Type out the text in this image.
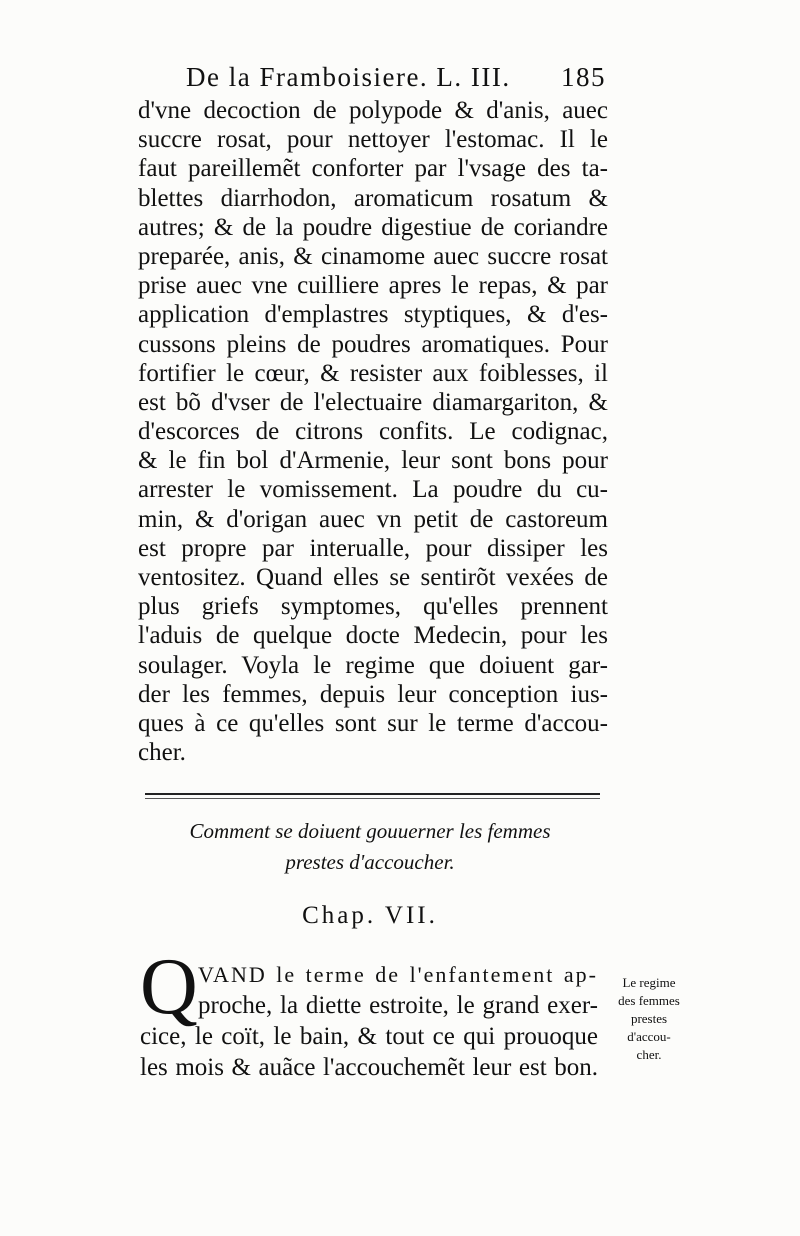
De la Framboisiere. L. III. 185
d'vne decoction de polypode & d'anis, auec
succre rosat, pour nettoyer l'estomac. Il le
faut pareillemẽt conforter par l'vsage des ta-
blettes diarrhodon, aromaticum rosatum &
autres; & de la poudre digestiue de coriandre
preparée, anis, & cinamome auec succre rosat
prise auec vne cuilliere apres le repas, & par
application d'emplastres styptiques, & d'es-
cussons pleins de poudres aromatiques. Pour
fortifier le cœur, & resister aux foiblesses, il
est bõ d'vser de l'electuaire diamargariton, &
d'escorces de citrons confits. Le codignac,
& le fin bol d'Armenie, leur sont bons pour
arrester le vomissement. La poudre du cu-
min, & d'origan auec vn petit de castoreum
est propre par interualle, pour dissiper les
ventositez. Quand elles se sentirõt vexées de
plus griefs symptomes, qu'elles prennent
l'aduis de quelque docte Medecin, pour les
soulager. Voyla le regime que doiuent gar-
der les femmes, depuis leur conception ius-
ques à ce qu'elles sont sur le terme d'accou-
cher.
Comment se doiuent gouuerner les femmes
prestes d'accoucher.
Chap. VII.
Q VAND le terme de l'enfantement ap-
proche, la diette estroite, le grand exer-
cice, le coït, le bain, & tout ce qui prouoque
les mois & auãce l'accouchemẽt leur est bon.
Le regime
des femmes
prestes
d'accou-
cher.
